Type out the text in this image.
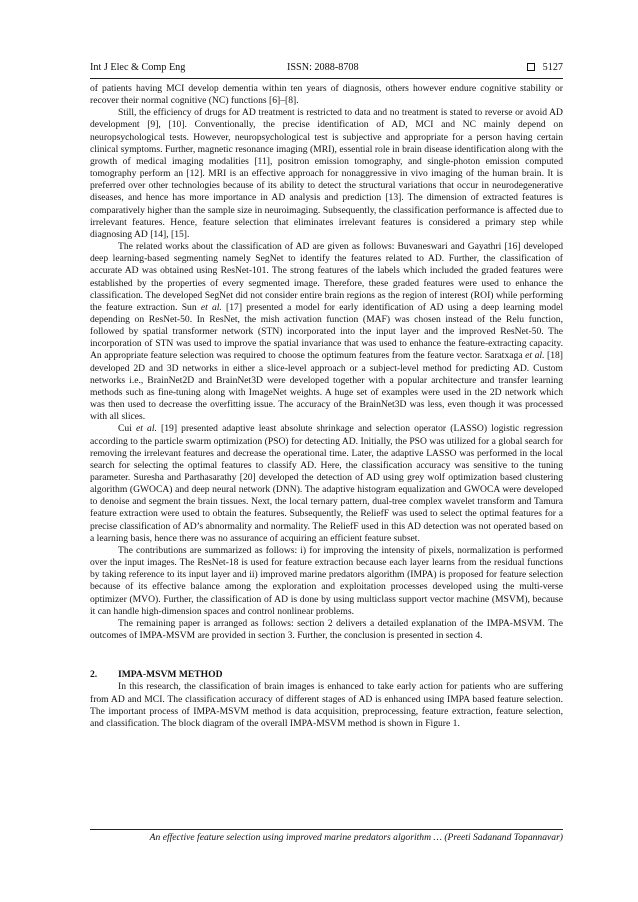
Int J Elec & Comp Eng	ISSN: 2088-8708	5127

of patients having MCI develop dementia within ten years of diagnosis, others however endure cognitive stability or recover their normal cognitive (NC) functions [6]–[8].

Still, the efficiency of drugs for AD treatment is restricted to data and no treatment is stated to reverse or avoid AD development [9], [10]. Conventionally, the precise identification of AD, MCI and NC mainly depend on neuropsychological tests. However, neuropsychological test is subjective and appropriate for a person having certain clinical symptoms. Further, magnetic resonance imaging (MRI), essential role in brain disease identification along with the growth of medical imaging modalities [11], positron emission tomography, and single-photon emission computed tomography perform an [12]. MRI is an effective approach for nonaggressive in vivo imaging of the human brain. It is preferred over other technologies because of its ability to detect the structural variations that occur in neurodegenerative diseases, and hence has more importance in AD analysis and prediction [13]. The dimension of extracted features is comparatively higher than the sample size in neuroimaging. Subsequently, the classification performance is affected due to irrelevant features. Hence, feature selection that eliminates irrelevant features is considered a primary step while diagnosing AD [14], [15].

The related works about the classification of AD are given as follows: Buvaneswari and Gayathri [16] developed deep learning-based segmenting namely SegNet to identify the features related to AD. Further, the classification of accurate AD was obtained using ResNet-101. The strong features of the labels which included the graded features were established by the properties of every segmented image. Therefore, these graded features were used to enhance the classification. The developed SegNet did not consider entire brain regions as the region of interest (ROI) while performing the feature extraction. Sun et al. [17] presented a model for early identification of AD using a deep learning model depending on ResNet-50. In ResNet, the mish activation function (MAF) was chosen instead of the Relu function, followed by spatial transformer network (STN) incorporated into the input layer and the improved ResNet-50. The incorporation of STN was used to improve the spatial invariance that was used to enhance the feature-extracting capacity. An appropriate feature selection was required to choose the optimum features from the feature vector. Saratxaga et al. [18] developed 2D and 3D networks in either a slice-level approach or a subject-level method for predicting AD. Custom networks i.e., BrainNet2D and BrainNet3D were developed together with a popular architecture and transfer learning methods such as fine-tuning along with ImageNet weights. A huge set of examples were used in the 2D network which was then used to decrease the overfitting issue. The accuracy of the BrainNet3D was less, even though it was processed with all slices.

Cui et al. [19] presented adaptive least absolute shrinkage and selection operator (LASSO) logistic regression according to the particle swarm optimization (PSO) for detecting AD. Initially, the PSO was utilized for a global search for removing the irrelevant features and decrease the operational time. Later, the adaptive LASSO was performed in the local search for selecting the optimal features to classify AD. Here, the classification accuracy was sensitive to the tuning parameter. Suresha and Parthasarathy [20] developed the detection of AD using grey wolf optimization based clustering algorithm (GWOCA) and deep neural network (DNN). The adaptive histogram equalization and GWOCA were developed to denoise and segment the brain tissues. Next, the local ternary pattern, dual-tree complex wavelet transform and Tamura feature extraction were used to obtain the features. Subsequently, the ReliefF was used to select the optimal features for a precise classification of AD’s abnormality and normality. The ReliefF used in this AD detection was not operated based on a learning basis, hence there was no assurance of acquiring an efficient feature subset.

The contributions are summarized as follows: i) for improving the intensity of pixels, normalization is performed over the input images. The ResNet-18 is used for feature extraction because each layer learns from the residual functions by taking reference to its input layer and ii) improved marine predators algorithm (IMPA) is proposed for feature selection because of its effective balance among the exploration and exploitation processes developed using the multi-verse optimizer (MVO). Further, the classification of AD is done by using multiclass support vector machine (MSVM), because it can handle high-dimension spaces and control nonlinear problems.

The remaining paper is arranged as follows: section 2 delivers a detailed explanation of the IMPA-MSVM. The outcomes of IMPA-MSVM are provided in section 3. Further, the conclusion is presented in section 4.

2. IMPA-MSVM METHOD

In this research, the classification of brain images is enhanced to take early action for patients who are suffering from AD and MCI. The classification accuracy of different stages of AD is enhanced using IMPA based feature selection. The important process of IMPA-MSVM method is data acquisition, preprocessing, feature extraction, feature selection, and classification. The block diagram of the overall IMPA-MSVM method is shown in Figure 1.

An effective feature selection using improved marine predators algorithm … (Preeti Sadanand Topannavar)
